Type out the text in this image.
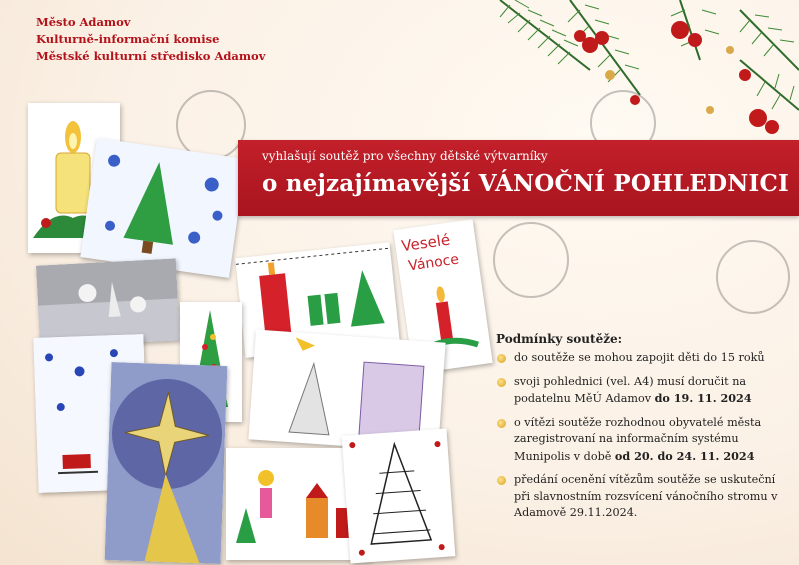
Město Adamov
Kulturně-informační komise
Městské kulturní středisko Adamov
Veselé
Vánoce
vyhlašují soutěž pro všechny dětské výtvarníky
o nejzajímavější VÁNOČNÍ POHLEDNICI
Podmínky soutěže:
do soutěže se mohou zapojit děti do 15 roků
svoji pohlednici (vel. A4) musí doručit na podatelnu MěÚ Adamov do 19. 11. 2024
o vítězi soutěže rozhodnou obyvatelé města zaregistrovaní na informačním systému Munipolis v době od 20. do 24. 11. 2024
předání ocenění vítězům soutěže se uskuteční při slavnostním rozsvícení vánočního stromu v Adamově 29.11.2024.
